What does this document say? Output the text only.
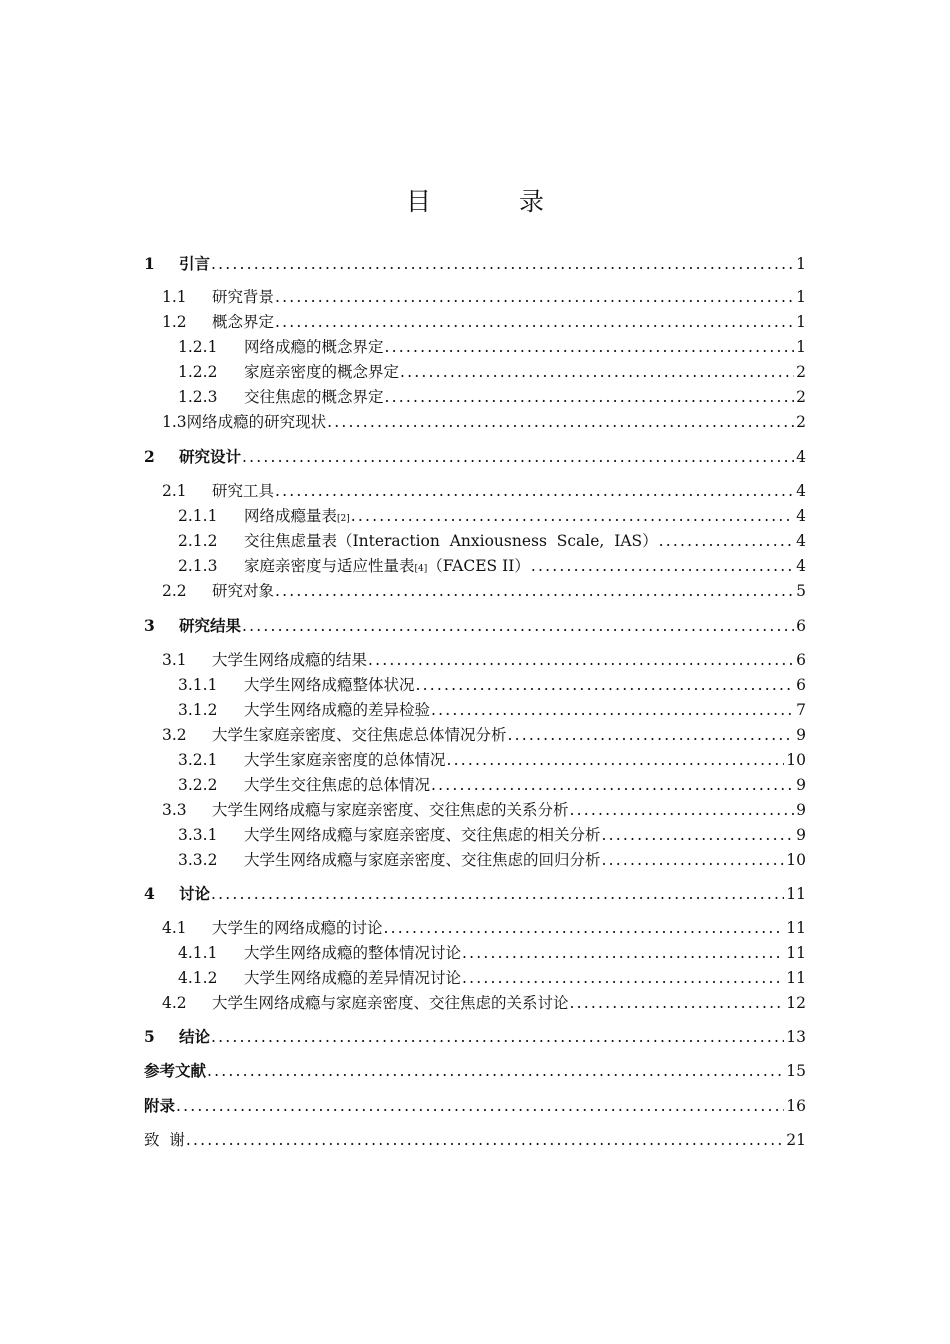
目 录
1	引言 .....	1
1.1	研究背景 .....	1
1.2	概念界定 .....	1
1.2.1	网络成瘾的概念界定 .....	1
1.2.2	家庭亲密度的概念界定 .....	2
1.2.3	交往焦虑的概念界定 .....	2
1.3网络成瘾的研究现状 .....	2
2	研究设计 .....	4
2.1	研究工具 .....	4
2.1.1	网络成瘾量表 [2] .....	4
2.1.2	交往焦虑量表（Interaction  Anxiousness  Scale,  IAS） .....	4
2.1.3	家庭亲密度与适应性量表 [4] （FACES II） .....	4
2.2	研究对象 .....	5
3	研究结果 .....	6
3.1	大学生网络成瘾的结果 .....	6
3.1.1	大学生网络成瘾整体状况 .....	6
3.1.2	大学生网络成瘾的差异检验 .....	7
3.2	大学生家庭亲密度、交往焦虑总体情况分析 .....	9
3.2.1	大学生家庭亲密度的总体情况 .....	10
3.2.2	大学生交往焦虑的总体情况 .....	9
3.3	大学生网络成瘾与家庭亲密度、交往焦虑的关系分析 .....	9
3.3.1	大学生网络成瘾与家庭亲密度、交往焦虑的相关分析 .....	9
3.3.2	大学生网络成瘾与家庭亲密度、交往焦虑的回归分析 .....	10
4	讨论 .....	11
4.1	大学生的网络成瘾的讨论 .....	11
4.1.1	大学生网络成瘾的整体情况讨论 .....	11
4.1.2	大学生网络成瘾的差异情况讨论 .....	11
4.2	大学生网络成瘾与家庭亲密度、交往焦虑的关系讨论 .....	12
5	结论 .....	13
参考文献 .....	15
附录 .....	16
致  谢 .....	21
